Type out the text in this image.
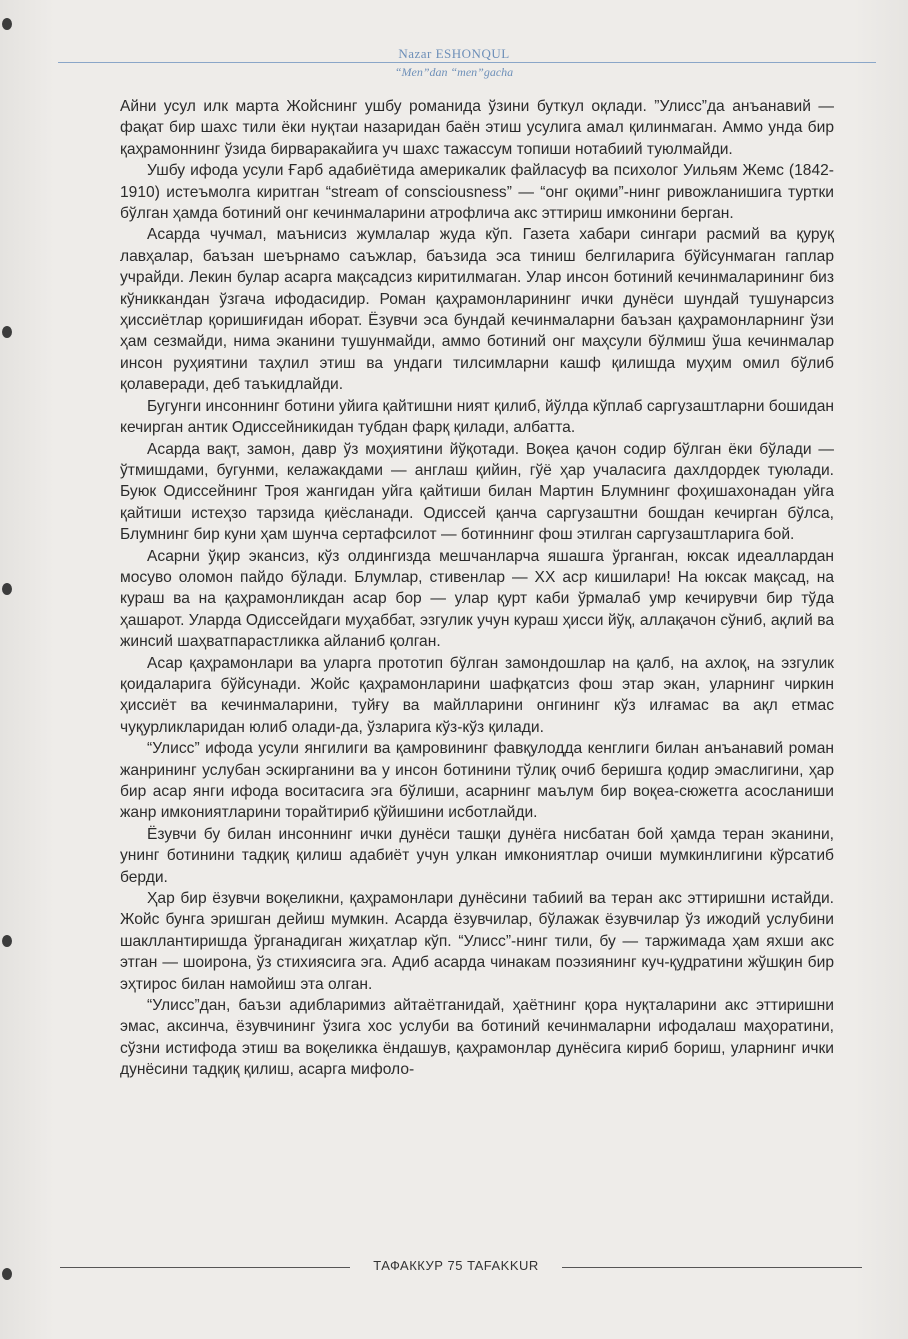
Nazar ESHONQUL
“Men”dan “men”gacha

Айни усул илк марта Жойснинг ушбу романида ўзини буткул оқлади. ”Улисс”да анъанавий — фақат бир шахс тили ёки нуқтаи назаридан баён этиш усулига амал қилинмаган. Аммо унда бир қаҳрамоннинг ўзида бирваракайига уч шахс тажассум топиши нотабиий туюлмайди.

Ушбу ифода усули Ғарб адабиётида америкалик файласуф ва психолог Уильям Жемс (1842-1910) истеъмолга киритган “stream of consciousness” — “онг оқими”-нинг ривожланишига туртки бўлган ҳамда ботиний онг кечинмаларини атрофлича акс эттириш имконини берган.

Асарда чучмал, маънисиз жумлалар жуда кўп. Газета хабари сингари расмий ва қуруқ лавҳалар, баъзан шеърнамо саъжлар, баъзида эса тиниш белгиларига бўйсунмаган гаплар учрайди. Лекин булар асарга мақсадсиз киритилмаган. Улар инсон ботиний кечинмаларининг биз кўниккандан ўзгача ифодасидир. Роман қаҳрамонларининг ички дунёси шундай тушунарсиз ҳиссиётлар қоришиғидан иборат. Ёзувчи эса бундай кечинмаларни баъзан қаҳрамонларнинг ўзи ҳам сезмайди, нима эканини тушунмайди, аммо ботиний онг маҳсули бўлмиш ўша кечинмалар инсон руҳиятини таҳлил этиш ва ундаги тилсимларни кашф қилишда муҳим омил бўлиб қолаверади, деб таъкидлайди.

Бугунги инсоннинг ботини уйига қайтишни ният қилиб, йўлда кўплаб саргузаштларни бошидан кечирган антик Одиссейникидан тубдан фарқ қилади, албатта.

Асарда вақт, замон, давр ўз моҳиятини йўқотади. Воқеа қачон содир бўлган ёки бўлади — ўтмишдами, бугунми, келажакдами — англаш қийин, гўё ҳар учаласига дахлдордек туюлади. Буюк Одиссейнинг Троя жангидан уйга қайтиши билан Мартин Блумнинг фоҳишахонадан уйга қайтиши истеҳзо тарзида қиёсланади. Одиссей қанча саргузаштни бошдан кечирган бўлса, Блумнинг бир куни ҳам шунча сертафсилот — ботиннинг фош этилган саргузаштларига бой.

Асарни ўқир экансиз, кўз олдингизда мешчанларча яшашга ўрганган, юксак идеаллардан мосуво оломон пайдо бўлади. Блумлар, стивенлар — XX аср кишилари! На юксак мақсад, на кураш ва на қаҳрамонликдан асар бор — улар қурт каби ўрмалаб умр кечирувчи бир тўда ҳашарот. Уларда Одиссейдаги муҳаббат, эзгулик учун кураш ҳисси йўқ, аллақачон сўниб, ақлий ва жинсий шаҳватпарастликка айланиб қолган.

Асар қаҳрамонлари ва уларга прототип бўлган замондошлар на қалб, на ахлоқ, на эзгулик қоидаларига бўйсунади. Жойс қаҳрамонларини шафқатсиз фош этар экан, уларнинг чиркин ҳиссиёт ва кечинмаларини, туйғу ва майлларини онгининг кўз илғамас ва ақл етмас чуқурликларидан юлиб олади-да, ўзларига кўз-кўз қилади.

“Улисс” ифода усули янгилиги ва қамровининг фавқулодда кенглиги билан анъанавий роман жанрининг услубан эскирганини ва у инсон ботинини тўлиқ очиб беришга қодир эмаслигини, ҳар бир асар янги ифода воситасига эга бўлиши, асарнинг маълум бир воқеа-сюжетга асосланиши жанр имкониятларини торайтириб қўйишини исботлайди.

Ёзувчи бу билан инсоннинг ички дунёси ташқи дунёга нисбатан бой ҳамда теран эканини, унинг ботинини тадқиқ қилиш адабиёт учун улкан имкониятлар очиши мумкинлигини кўрсатиб берди.

Ҳар бир ёзувчи воқеликни, қаҳрамонлари дунёсини табиий ва теран акс эттиришни истайди. Жойс бунга эришган дейиш мумкин. Асарда ёзувчилар, бўлажак ёзувчилар ўз ижодий услубини шакллантиришда ўрганадиган жиҳатлар кўп. “Улисс”-нинг тили, бу — таржимада ҳам яхши акс этган — шоирона, ўз стихиясига эга. Адиб асарда чинакам поэзиянинг куч-қудратини жўшқин бир эҳтирос билан намойиш эта олган.

“Улисс”дан, баъзи адибларимиз айтаётганидай, ҳаётнинг қора нуқталарини акс эттиришни эмас, аксинча, ёзувчининг ўзига хос услуби ва ботиний кечинмаларни ифодалаш маҳоратини, сўзни истифода этиш ва воқеликка ёндашув, қаҳрамонлар дунёсига кириб бориш, уларнинг ички дунёсини тадқиқ қилиш, асарга мифоло-

ТАФАККУР 75 TAFAKKUR
